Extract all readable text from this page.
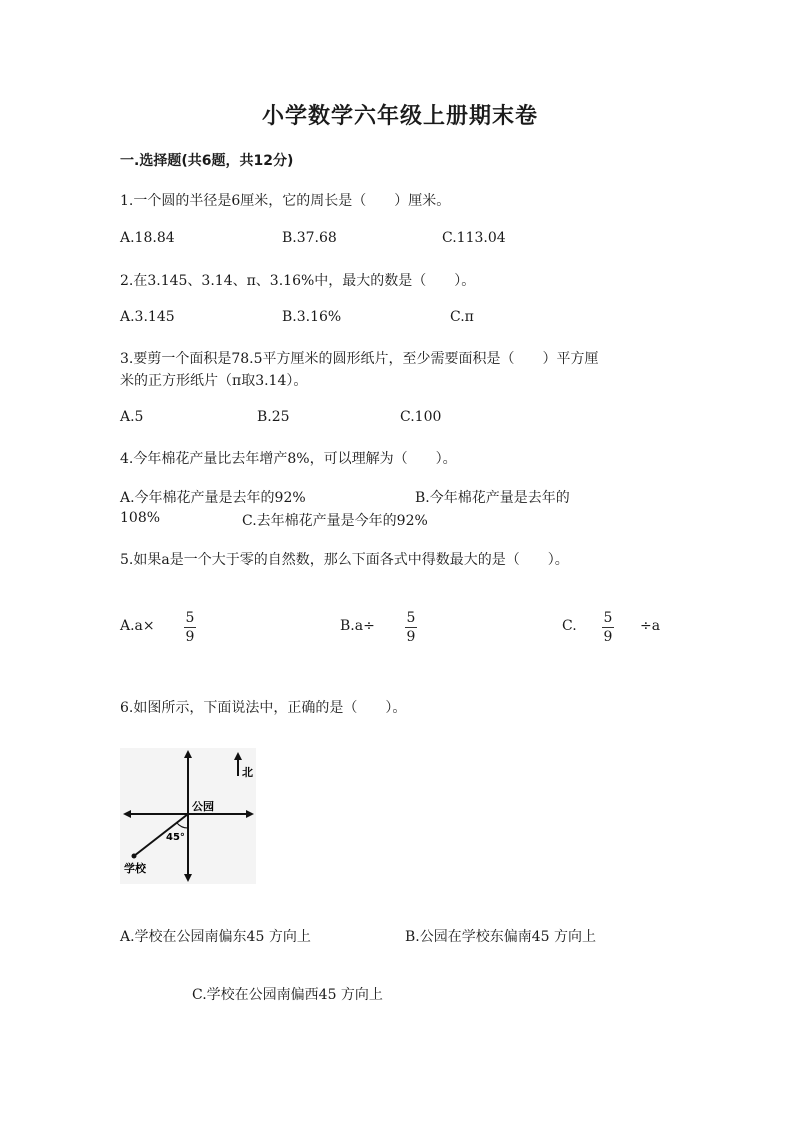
小学数学六年级上册期末卷
一.选择题(共6题，共12分)
1.一个圆的半径是6厘米，它的周长是（　　）厘米。
A.18.84	B.37.68	C.113.04
2.在3.145、3.14、π、3.16%中，最大的数是（　　）。
A.3.145	B.3.16%	C.π
3.要剪一个面积是78.5平方厘米的圆形纸片，至少需要面积是（　　）平方厘
米的正方形纸片（π取3.14）。
A.5	B.25	C.100
4.今年棉花产量比去年增产8%，可以理解为（　　）。
A.今年棉花产量是去年的92%	B.今年棉花产量是去年的
108%	C.去年棉花产量是今年的92%
5.如果a是一个大于零的自然数，那么下面各式中得数最大的是（　　）。
A.a× 5
9
B.a÷ 5
9
C. 5
9
÷a
6.如图所示，下面说法中，正确的是（　　）。
北
公园
学校
45°
A.学校在公园南偏东45 方向上	B.公园在学校东偏南45 方向上
C.学校在公园南偏西45 方向上
